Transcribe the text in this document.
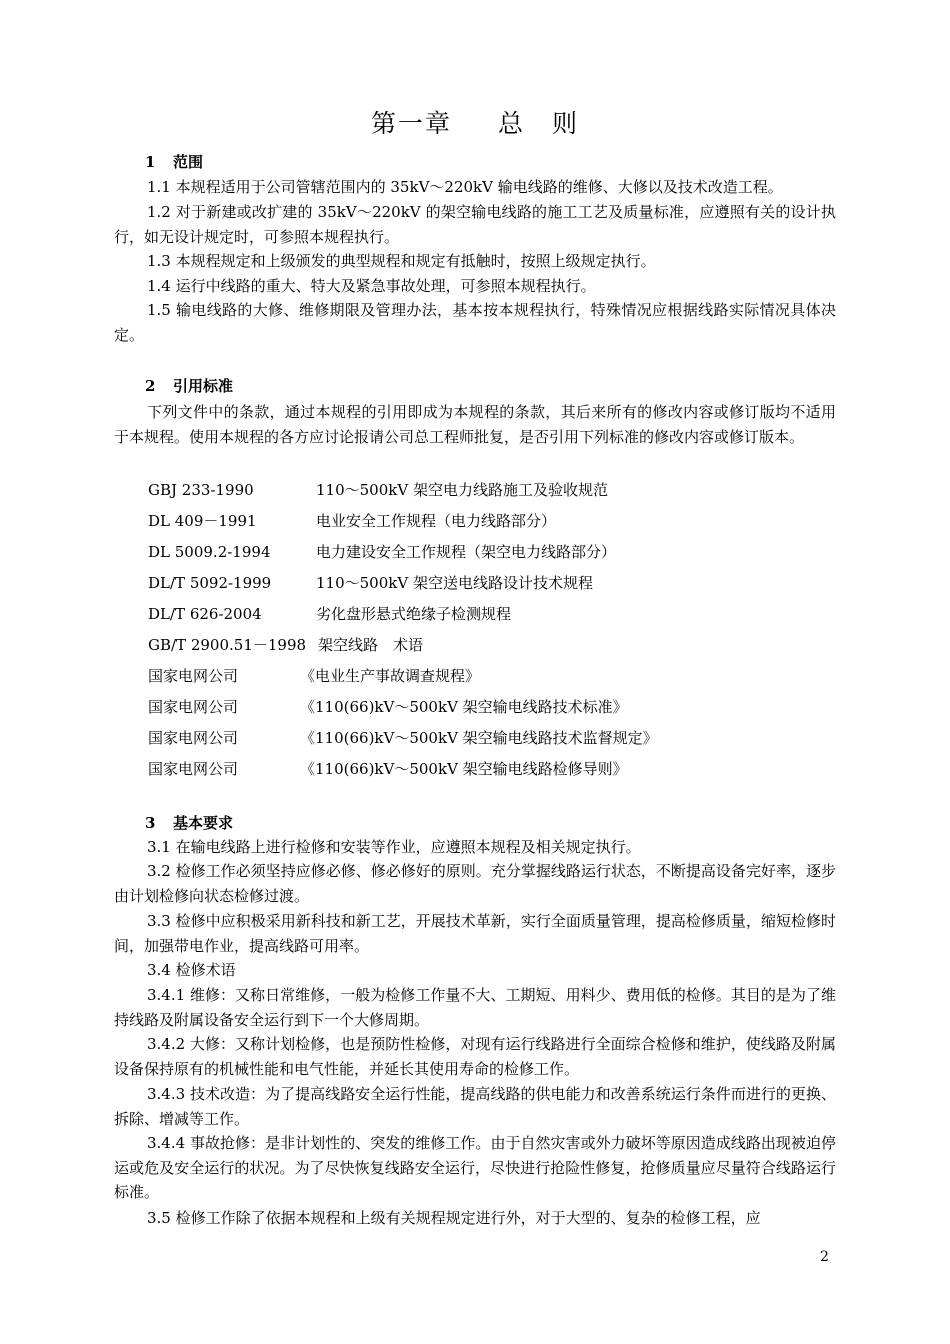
第一章 总　则
1 范围
1.1 本规程适用于公司管辖范围内的 35kV～220kV 输电线路的维修、大修以及技术改造工程。
1.2 对于新建或改扩建的 35kV～220kV 的架空输电线路的施工工艺及质量标准，应遵照有关的设计执行，如无设计规定时，可参照本规程执行。
1.3 本规程规定和上级颁发的典型规程和规定有抵触时，按照上级规定执行。
1.4 运行中线路的重大、特大及紧急事故处理，可参照本规程执行。
1.5 输电线路的大修、维修期限及管理办法，基本按本规程执行，特殊情况应根据线路实际情况具体决定。
2 引用标准
下列文件中的条款，通过本规程的引用即成为本规程的条款，其后来所有的修改内容或修订版均不适用于本规程。使用本规程的各方应讨论报请公司总工程师批复，是否引用下列标准的修改内容或修订版本。
GBJ 233-1990	110～500kV 架空电力线路施工及验收规范
DL 409－1991	电业安全工作规程（电力线路部分）
DL 5009.2-1994	电力建设安全工作规程（架空电力线路部分）
DL/T 5092-1999	110～500kV 架空送电线路设计技术规程
DL/T 626-2004	劣化盘形悬式绝缘子检测规程
GB/T 2900.51－1998 架空线路　术语
国家电网公司	《电业生产事故调查规程》
国家电网公司	《110(66)kV～500kV 架空输电线路技术标准》
国家电网公司	《110(66)kV～500kV 架空输电线路技术监督规定》
国家电网公司	《110(66)kV～500kV 架空输电线路检修导则》
3 基本要求
3.1 在输电线路上进行检修和安装等作业，应遵照本规程及相关规定执行。
3.2 检修工作必须坚持应修必修、修必修好的原则。充分掌握线路运行状态，不断提高设备完好率，逐步由计划检修向状态检修过渡。
3.3 检修中应积极采用新科技和新工艺，开展技术革新，实行全面质量管理，提高检修质量，缩短检修时间，加强带电作业，提高线路可用率。
3.4 检修术语
3.4.1 维修：又称日常维修，一般为检修工作量不大、工期短、用料少、费用低的检修。其目的是为了维持线路及附属设备安全运行到下一个大修周期。
3.4.2 大修：又称计划检修，也是预防性检修，对现有运行线路进行全面综合检修和维护，使线路及附属设备保持原有的机械性能和电气性能，并延长其使用寿命的检修工作。
3.4.3 技术改造：为了提高线路安全运行性能，提高线路的供电能力和改善系统运行条件而进行的更换、拆除、增减等工作。
3.4.4 事故抢修：是非计划性的、突发的维修工作。由于自然灾害或外力破坏等原因造成线路出现被迫停运或危及安全运行的状况。为了尽快恢复线路安全运行，尽快进行抢险性修复，抢修质量应尽量符合线路运行标准。
3.5 检修工作除了依据本规程和上级有关规程规定进行外，对于大型的、复杂的检修工程，应
2
